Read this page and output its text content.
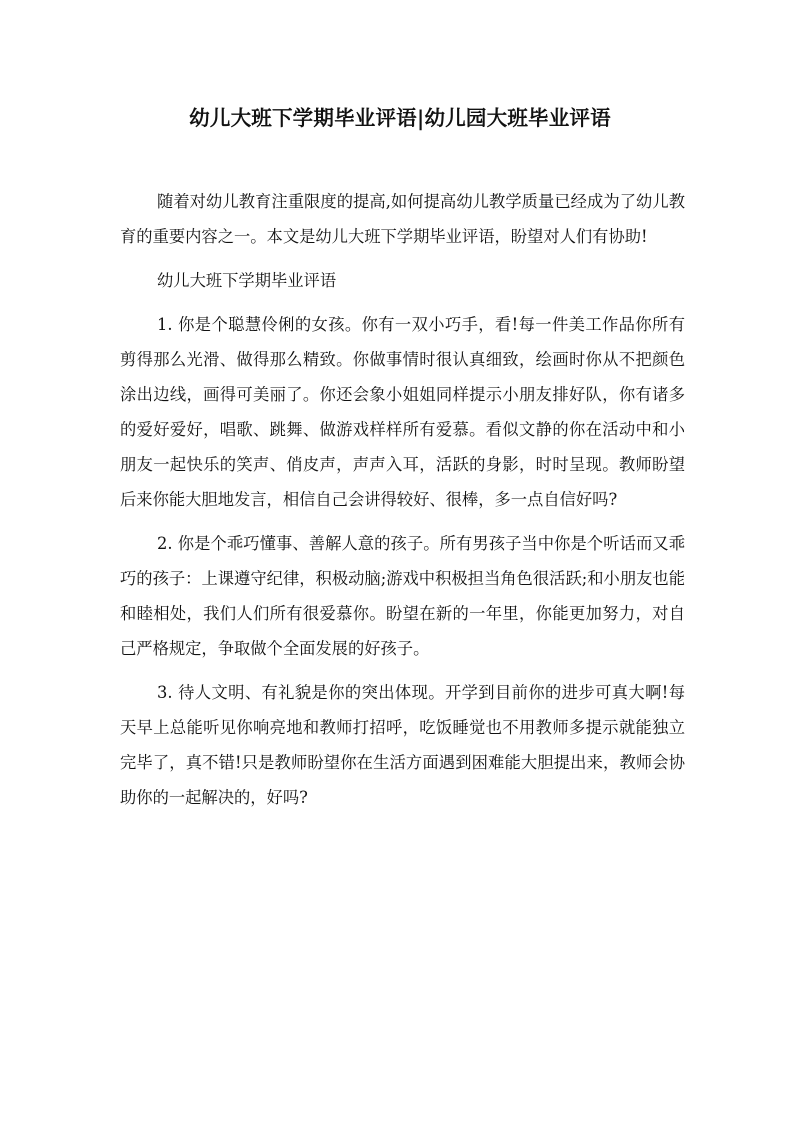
幼儿大班下学期毕业评语|幼儿园大班毕业评语

随着对幼儿教育注重限度的提高,如何提高幼儿教学质量已经成为了幼儿教育的重要内容之一。本文是幼儿大班下学期毕业评语，盼望对人们有协助!

幼儿大班下学期毕业评语

1. 你是个聪慧伶俐的女孩。你有一双小巧手，看!每一件美工作品你所有剪得那么光滑、做得那么精致。你做事情时很认真细致，绘画时你从不把颜色涂出边线，画得可美丽了。你还会象小姐姐同样提示小朋友排好队，你有诸多的爱好爱好，唱歌、跳舞、做游戏样样所有爱慕。看似文静的你在活动中和小朋友一起快乐的笑声、俏皮声，声声入耳，活跃的身影，时时呈现。教师盼望后来你能大胆地发言，相信自己会讲得较好、很棒，多一点自信好吗?

2. 你是个乖巧懂事、善解人意的孩子。所有男孩子当中你是个听话而又乖巧的孩子：上课遵守纪律，积极动脑;游戏中积极担当角色很活跃;和小朋友也能和睦相处，我们人们所有很爱慕你。盼望在新的一年里，你能更加努力，对自己严格规定，争取做个全面发展的好孩子。

3. 待人文明、有礼貌是你的突出体现。开学到目前你的进步可真大啊!每天早上总能听见你响亮地和教师打招呼，吃饭睡觉也不用教师多提示就能独立完毕了，真不错!只是教师盼望你在生活方面遇到困难能大胆提出来，教师会协助你的一起解决的，好吗?
